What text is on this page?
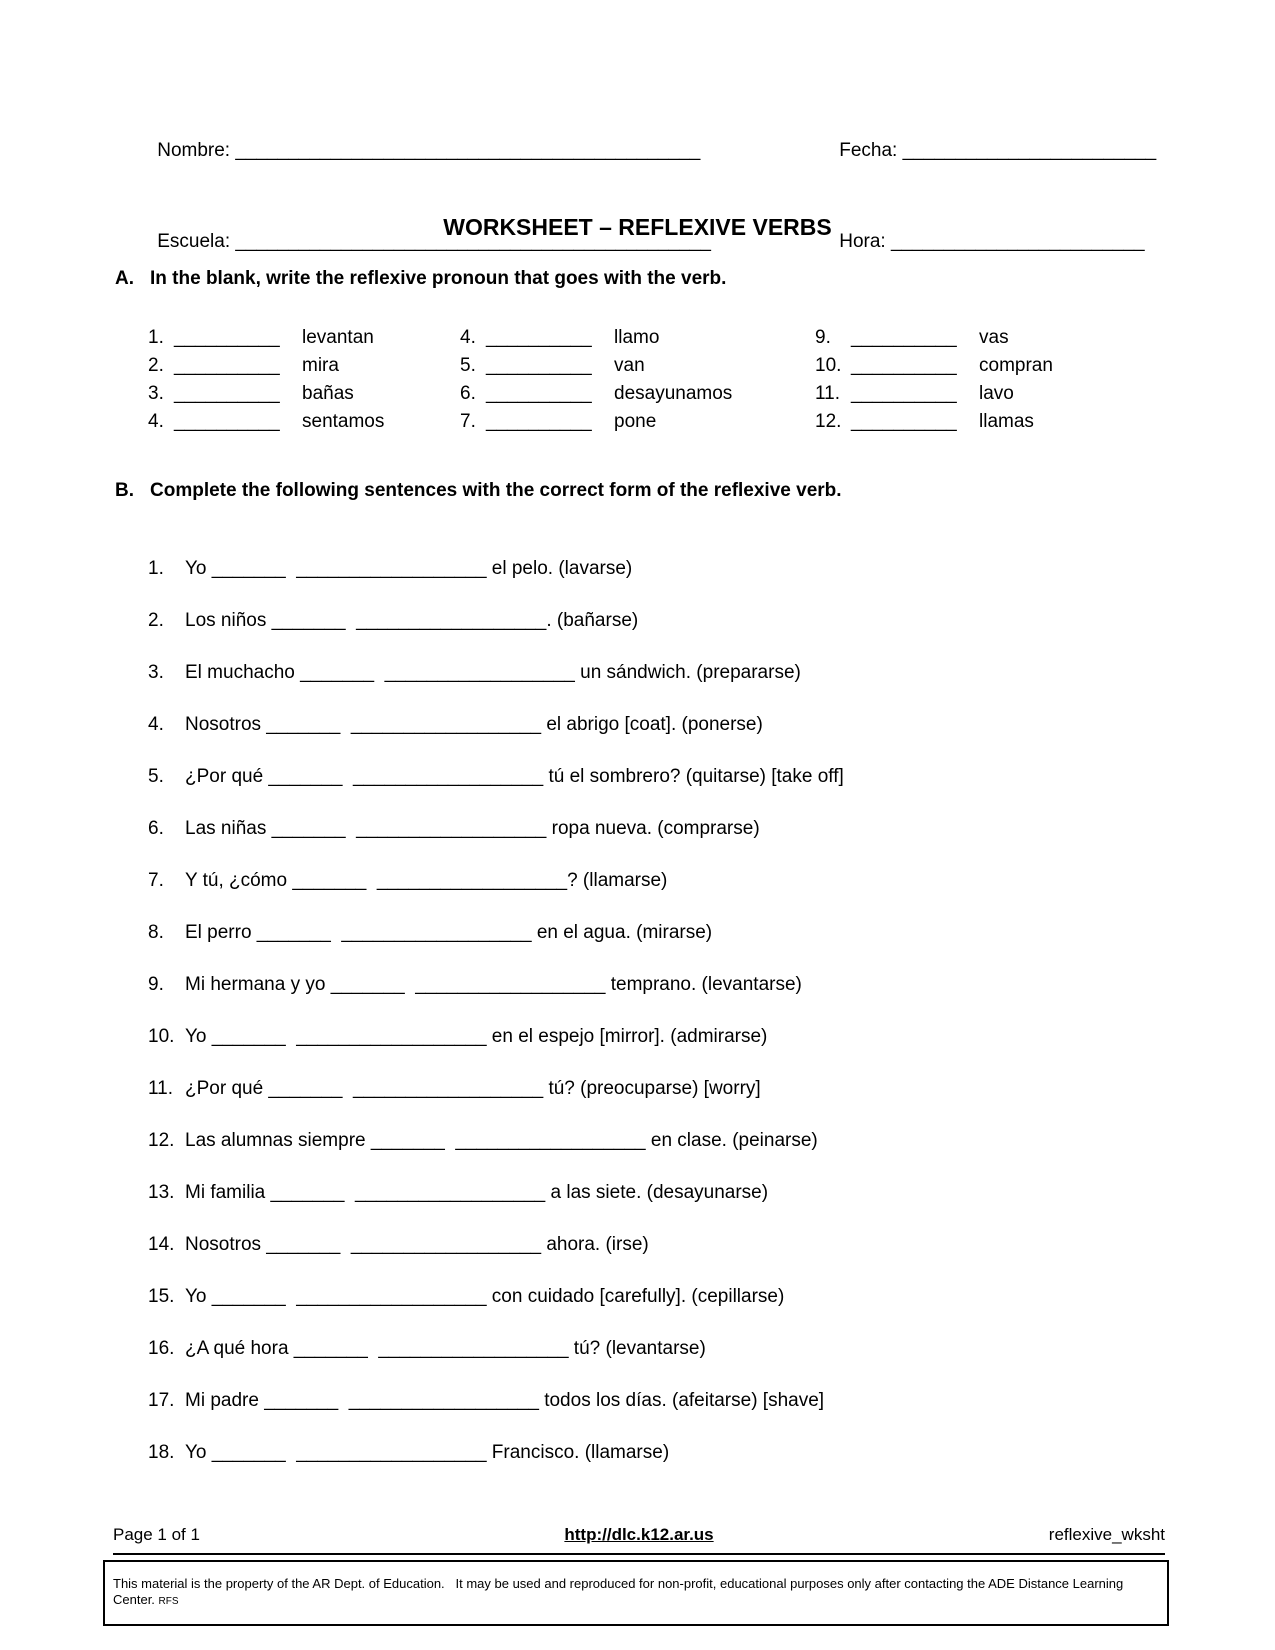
Nombre: ____________________________________________
	Fecha: ________________________

Escuela: _____________________________________________
	Hora: ________________________

WORKSHEET – REFLEXIVE VERBS
A. In the blank, write the reflexive pronoun that goes with the verb.
1. __________	levantan
2. __________	mira
3. __________	bañas
4. __________	sentamos
4. __________	llamo
5. __________	van
6. __________	desayunamos
7. __________	pone
9.	__________	vas
10. __________	compran
11. __________	lavo
12. __________	llamas
B. Complete the following sentences with the correct form of the reflexive verb.
1.	Yo _______  __________________ el pelo. (lavarse)
2.	Los niños _______  __________________. (bañarse)
3.	El muchacho _______  __________________ un sándwich. (prepararse)
4.	Nosotros _______  __________________ el abrigo [coat]. (ponerse)
5.	¿Por qué _______  __________________ tú el sombrero? (quitarse) [take off]
6.	Las niñas _______  __________________ ropa nueva. (comprarse)
7.	Y tú, ¿cómo _______  __________________? (llamarse)
8.	El perro _______  __________________ en el agua. (mirarse)
9.	Mi hermana y yo _______  __________________ temprano. (levantarse)
10. Yo _______  __________________ en el espejo [mirror]. (admirarse)
11. ¿Por qué _______  __________________ tú? (preocuparse) [worry]
12. Las alumnas siempre _______  __________________ en clase. (peinarse)
13. Mi familia _______  __________________ a las siete. (desayunarse)
14. Nosotros _______  __________________ ahora. (irse)
15. Yo _______  __________________ con cuidado [carefully]. (cepillarse)
16. ¿A qué hora _______  __________________ tú? (levantarse)
17. Mi padre _______  __________________ todos los días. (afeitarse) [shave]
18. Yo _______  __________________ Francisco. (llamarse)
Page 1 of 1	http://dlc.k12.ar.us	reflexive_wksht
This material is the property of the AR Dept. of Education.   It may be used and reproduced for non-profit, educational purposes only after contacting the ADE Distance Learning Center. RFS
